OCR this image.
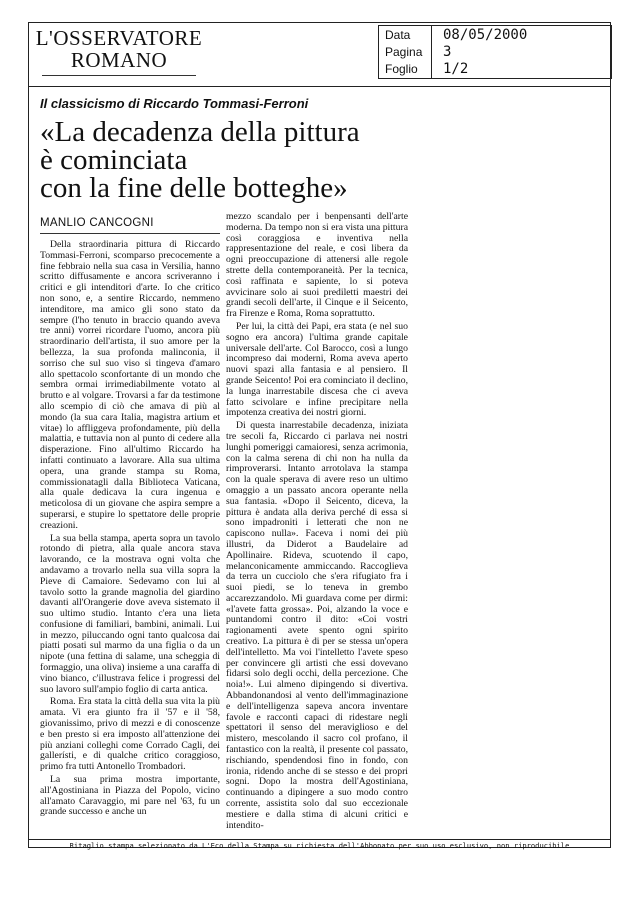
L'OSSERVATORE
ROMANO
Data 08/05/2000
Pagina 3
Foglio 1/2
Il classicismo di Riccardo Tommasi-Ferroni
«La decadenza della pittura
è cominciata
con la fine delle botteghe»
MANLIO CANCOGNI

Della straordinaria pittura di Riccardo Tommasi-Ferroni, scomparso precocemente a fine febbraio nella sua casa in Versilia, hanno scritto diffusamente e ancora scriveranno i critici e gli intenditori d'arte. Io che critico non sono, e, a sentire Riccardo, nemmeno intenditore, ma amico gli sono stato da sempre (l'ho tenuto in braccio quando aveva tre anni) vorrei ricordare l'uomo, ancora più straordinario dell'artista, il suo amore per la bellezza, la sua profonda malinconia, il sorriso che sul suo viso si tingeva d'amaro allo spettacolo sconfortante di un mondo che sembra ormai irrimediabilmente votato al brutto e al volgare. Trovarsi a far da testimone allo scempio di ciò che amava di più al mondo (la sua cara Italia, magistra artium et vitae) lo affliggeva profondamente, più della malattia, e tuttavia non al punto di cedere alla disperazione. Fino all'ultimo Riccardo ha infatti continuato a lavorare. Alla sua ultima opera, una grande stampa su Roma, commissionatagli dalla Biblioteca Vaticana, alla quale dedicava la cura ingenua e meticolosa di un giovane che aspira sempre a superarsi, e stupire lo spettatore delle proprie creazioni.

La sua bella stampa, aperta sopra un tavolo rotondo di pietra, alla quale ancora stava lavorando, ce la mostrava ogni volta che andavamo a trovarlo nella sua villa sopra la Pieve di Camaiore. Sedevamo con lui al tavolo sotto la grande magnolia del giardino davanti all'Orangerie dove aveva sistemato il suo ultimo studio. Intanto c'era una lieta confusione di familiari, bambini, animali. Lui in mezzo, piluccando ogni tanto qualcosa dai piatti posati sul marmo da una figlia o da un nipote (una fettina di salame, una scheggia di formaggio, una oliva) insieme a una caraffa di vino bianco, c'illustrava felice i progressi del suo lavoro sull'ampio foglio di carta antica.

Roma. Era stata la città della sua vita la più amata. Vi era giunto fra il '57 e il '58, giovanissimo, privo di mezzi e di conoscenze e ben presto si era imposto all'attenzione dei più anziani colleghi come Corrado Cagli, dei gallerísti, e di qualche critico coraggioso, primo fra tutti Antonello Trombadori.

La sua prima mostra importante, all'Agostiniana in Piazza del Popolo, vicino all'amato Caravaggio, mi pare nel '63, fu un grande successo e anche un

mezzo scandalo per i benpensanti dell'arte moderna. Da tempo non si era vista una pittura così coraggiosa e inventiva nella rappresentazione del reale, e così libera da ogni preoccupazione di attenersi alle regole strette della contemporaneità. Per la tecnica, così raffinata e sapiente, lo si poteva avvicinare solo ai suoi prediletti maestri dei grandi secoli dell'arte, il Cinque e il Seicento, fra Firenze e Roma, Roma soprattutto.

Per lui, la città dei Papi, era stata (e nel suo sogno era ancora) l'ultima grande capitale universale dell'arte. Col Barocco, così a lungo incompreso dai moderni, Roma aveva aperto nuovi spazi alla fantasia e al pensiero. Il grande Seicento! Poi era cominciato il declino, la lunga inarrestabile discesa che ci aveva fatto scivolare e infine precipitare nella impotenza creativa dei nostri giorni.

Di questa inarrestabile decadenza, iniziata tre secoli fa, Riccardo ci parlava nei nostri lunghi pomeriggi camaioresi, senza acrimonia, con la calma serena di chi non ha nulla da rimproverarsi. Intanto arrotolava la stampa con la quale sperava di avere reso un ultimo omaggio a un passato ancora operante nella sua fantasia. «Dopo il Seicento, diceva, la pittura è andata alla deriva perché di essa si sono impadroniti i letterati che non ne capiscono nulla». Faceva i nomi dei più illustri, da Diderot a Baudelaire ad Apollinaire. Rideva, scuotendo il capo, melanconicamente ammiccando. Raccoglieva da terra un cucciolo che s'era rifugiato fra i suoi piedi, se lo teneva in grembo accarezzandolo. Mi guardava come per dirmi: «l'avete fatta grossa». Poi, alzando la voce e puntandomi contro il dito: «Coi vostri ragionamenti avete spento ogni spirito creativo. La pittura è di per se stessa un'opera dell'intelletto. Ma voi l'intelletto l'avete speso per convincere gli artisti che essi dovevano fidarsi solo degli occhi, della percezione. Che noia!». Lui almeno dipingendo si divertiva. Abbandonandosi al vento dell'immaginazione e dell'intelligenza sapeva ancora inventare favole e racconti capaci di ridestare negli spettatori il senso del meraviglioso e del mistero, mescolando il sacro col profano, il fantastico con la realtà, il presente col passato, rischiando, spendendosi fino in fondo, con ironia, ridendo anche di se stesso e dei propri sogni. Dopo la mostra dell'Agostiniana, continuando a dipingere a suo modo contro corrente, assistita solo dal suo eccezionale mestiere e dalla stima di alcuni critici e intendito-

Ritaglio stampa selezionato da L'Eco della Stampa su richiesta dell'Abbonato per suo uso esclusivo, non riproducibile
